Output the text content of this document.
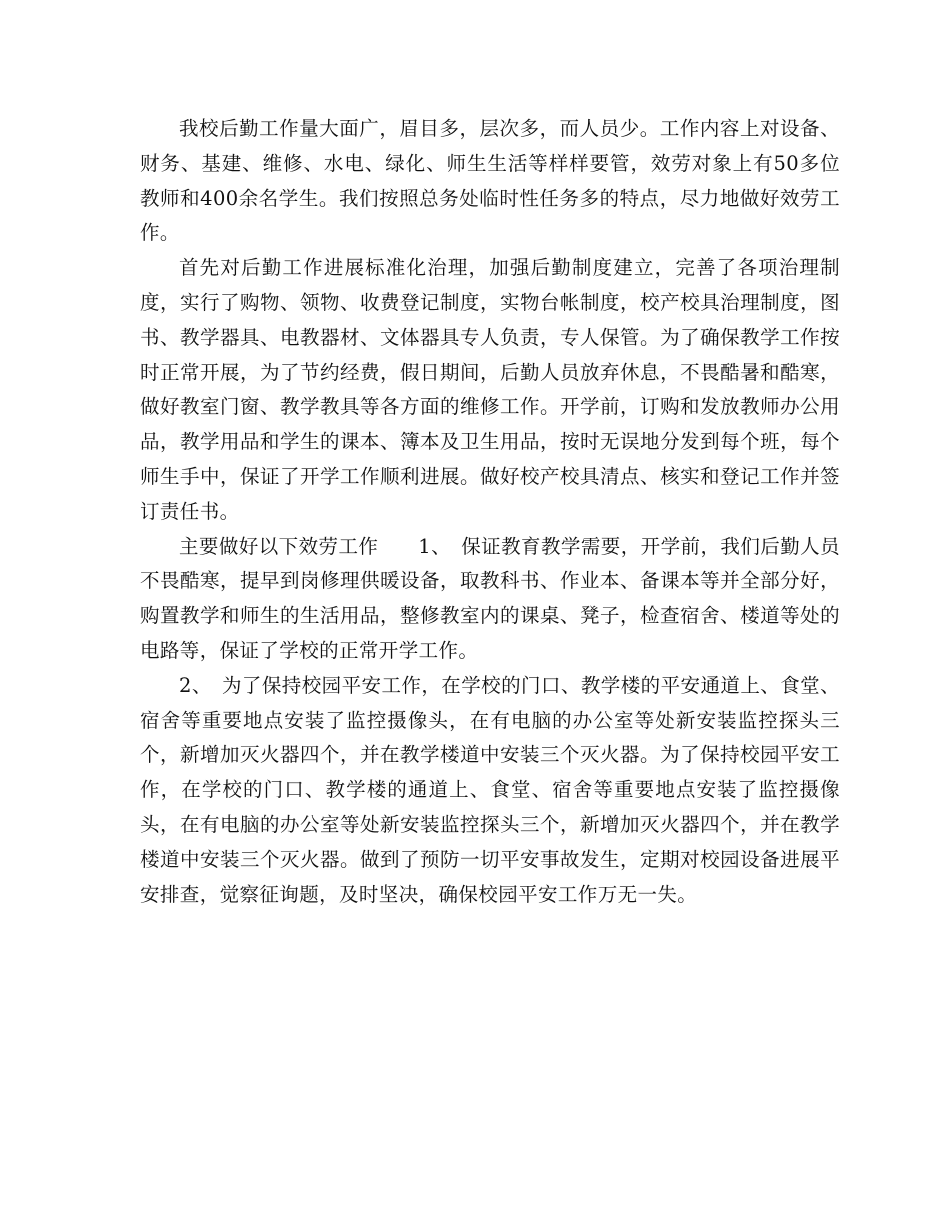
我校后勤工作量大面广，眉目多，层次多，而人员少。工作内容上对设备、财务、基建、维修、水电、绿化、师生生活等样样要管，效劳对象上有50多位教师和400余名学生。我们按照总务处临时性任务多的特点，尽力地做好效劳工作。

首先对后勤工作进展标准化治理，加强后勤制度建立，完善了各项治理制度，实行了购物、领物、收费登记制度，实物台帐制度，校产校具治理制度，图书、教学器具、电教器材、文体器具专人负责，专人保管。为了确保教学工作按时正常开展，为了节约经费，假日期间，后勤人员放弃休息，不畏酷暑和酷寒，做好教室门窗、教学教具等各方面的维修工作。开学前，订购和发放教师办公用品，教学用品和学生的课本、簿本及卫生用品，按时无误地分发到每个班，每个师生手中，保证了开学工作顺利进展。做好校产校具清点、核实和登记工作并签订责任书。

主要做好以下效劳工作　　1、　保证教育教学需要，开学前，我们后勤人员不畏酷寒，提早到岗修理供暖设备，取教科书、作业本、备课本等并全部分好，购置教学和师生的生活用品，整修教室内的课桌、凳子，检查宿舍、楼道等处的电路等，保证了学校的正常开学工作。

2、　为了保持校园平安工作，在学校的门口、教学楼的平安通道上、食堂、宿舍等重要地点安装了监控摄像头，在有电脑的办公室等处新安装监控探头三个，新增加灭火器四个，并在教学楼道中安装三个灭火器。为了保持校园平安工作，在学校的门口、教学楼的通道上、食堂、宿舍等重要地点安装了监控摄像头，在有电脑的办公室等处新安装监控探头三个，新增加灭火器四个，并在教学楼道中安装三个灭火器。做到了预防一切平安事故发生，定期对校园设备进展平安排查，觉察征询题，及时坚决，确保校园平安工作万无一失。
